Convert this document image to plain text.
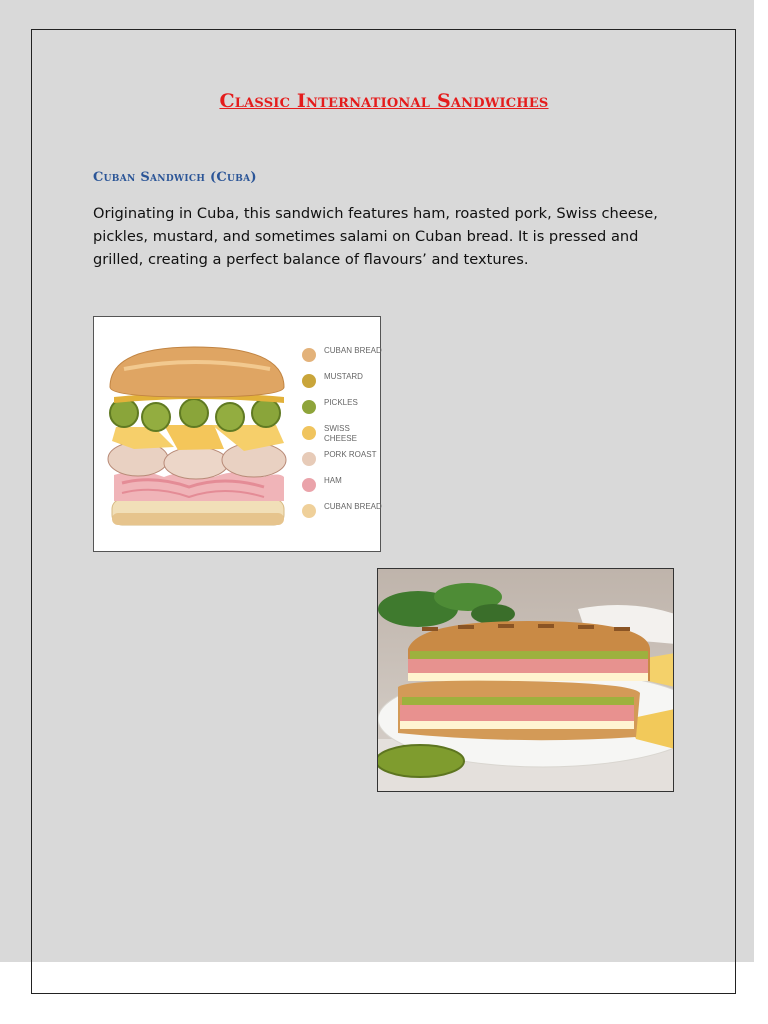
Classic International Sandwiches
Cuban Sandwich (Cuba)
Originating in Cuba, this sandwich features ham, roasted pork, Swiss cheese, pickles, mustard, and sometimes salami on Cuban bread. It is pressed and grilled, creating a perfect balance of flavours’ and textures.
CUBAN BREAD
MUSTARD
PICKLES
SWISS CHEESE
PORK ROAST
HAM
CUBAN BREAD
